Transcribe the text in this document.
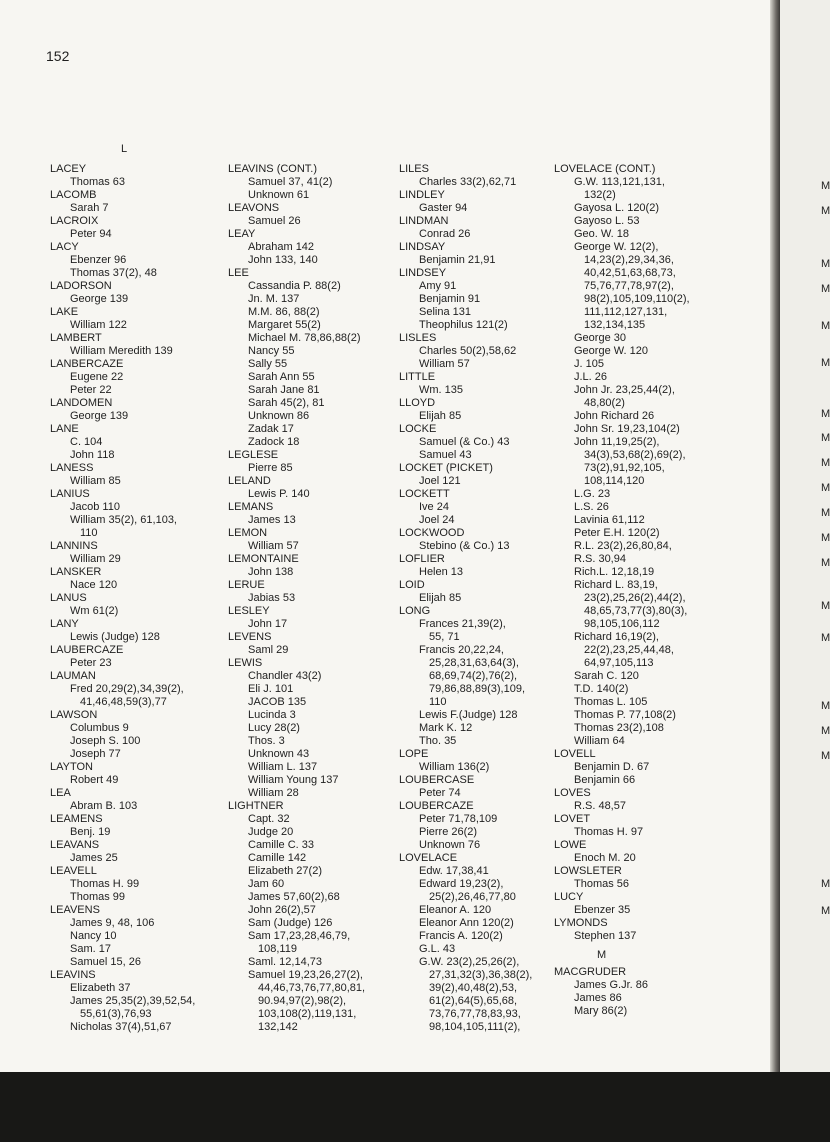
152
L
LACEY
Thomas 63
LACOMB
Sarah 7
LACROIX
Peter 94
LACY
Ebenzer 96
Thomas 37(2), 48
LADORSON
George 139
LAKE
William 122
LAMBERT
William Meredith 139
LANBERCAZE
Eugene 22
Peter 22
LANDOMEN
George 139
LANE
C. 104
John 118
LANESS
William 85
LANIUS
Jacob 110
William 35(2), 61,103,
110
LANNINS
William 29
LANSKER
Nace 120
LANUS
Wm 61(2)
LANY
Lewis (Judge) 128
LAUBERCAZE
Peter 23
LAUMAN
Fred 20,29(2),34,39(2),
41,46,48,59(3),77
LAWSON
Columbus 9
Joseph S. 100
Joseph 77
LAYTON
Robert 49
LEA
Abram B. 103
LEAMENS
Benj. 19
LEAVANS
James 25
LEAVELL
Thomas H. 99
Thomas 99
LEAVENS
James 9, 48, 106
Nancy 10
Sam. 17
Samuel 15, 26
LEAVINS
Elizabeth 37
James 25,35(2),39,52,54,
55,61(3),76,93
Nicholas 37(4),51,67
LEAVINS (CONT.)
Samuel 37, 41(2)
Unknown 61
LEAVONS
Samuel 26
LEAY
Abraham 142
John 133, 140
LEE
Cassandia P. 88(2)
Jn. M. 137
M.M. 86, 88(2)
Margaret 55(2)
Michael M. 78,86,88(2)
Nancy 55
Sally 55
Sarah Ann 55
Sarah Jane 81
Sarah 45(2), 81
Unknown 86
Zadak 17
Zadock 18
LEGLESE
Pierre 85
LELAND
Lewis P. 140
LEMANS
James 13
LEMON
William 57
LEMONTAINE
John 138
LERUE
Jabias 53
LESLEY
John 17
LEVENS
Saml 29
LEWIS
Chandler 43(2)
Eli J. 101
JACOB 135
Lucinda 3
Lucy 28(2)
Thos. 3
Unknown 43
William L. 137
William Young 137
William 28
LIGHTNER
Capt. 32
Judge 20
Camille C. 33
Camille 142
Elizabeth 27(2)
Jam 60
James 57,60(2),68
John 26(2),57
Sam (Judge) 126
Sam 17,23,28,46,79,
108,119
Saml. 12,14,73
Samuel 19,23,26,27(2),
44,46,73,76,77,80,81,
90.94,97(2),98(2),
103,108(2),119,131,
132,142
LILES
Charles 33(2),62,71
LINDLEY
Gaster 94
LINDMAN
Conrad 26
LINDSAY
Benjamin 21,91
LINDSEY
Amy 91
Benjamin 91
Selina 131
Theophilus 121(2)
LISLES
Charles 50(2),58,62
William 57
LITTLE
Wm. 135
LLOYD
Elijah 85
LOCKE
Samuel (& Co.) 43
Samuel 43
LOCKET (PICKET)
Joel 121
LOCKETT
Ive 24
Joel 24
LOCKWOOD
Stebino (& Co.) 13
LOFLIER
Helen 13
LOID
Elijah 85
LONG
Frances 21,39(2),
55, 71
Francis 20,22,24,
25,28,31,63,64(3),
68,69,74(2),76(2),
79,86,88,89(3),109,
110
Lewis F.(Judge) 128
Mark K. 12
Tho. 35
LOPE
William 136(2)
LOUBERCASE
Peter 74
LOUBERCAZE
Peter 71,78,109
Pierre 26(2)
Unknown 76
LOVELACE
Edw. 17,38,41
Edward 19,23(2),
25(2),26,46,77,80
Eleanor A. 120
Eleanor Ann 120(2)
Francis A. 120(2)
G.L. 43
G.W. 23(2),25,26(2),
27,31,32(3),36,38(2),
39(2),40,48(2),53,
61(2),64(5),65,68,
73,76,77,78,83,93,
98,104,105,111(2),
LOVELACE (CONT.)
G.W. 113,121,131,
132(2)
Gayosa L. 120(2)
Gayoso L. 53
Geo. W. 18
George W. 12(2),
14,23(2),29,34,36,
40,42,51,63,68,73,
75,76,77,78,97(2),
98(2),105,109,110(2),
111,112,127,131,
132,134,135
George 30
George W. 120
J. 105
J.L. 26
John Jr. 23,25,44(2),
48,80(2)
John Richard 26
John Sr. 19,23,104(2)
John 11,19,25(2),
34(3),53,68(2),69(2),
73(2),91,92,105,
108,114,120
L.G. 23
L.S. 26
Lavinia 61,112
Peter E.H. 120(2)
R.L. 23(2),26,80,84,
R.S. 30,94
Rich.L. 12,18,19
Richard L. 83,19,
23(2),25,26(2),44(2),
48,65,73,77(3),80(3),
98,105,106,112
Richard 16,19(2),
22(2),23,25,44,48,
64,97,105,113
Sarah C. 120
T.D. 140(2)
Thomas L. 105
Thomas P. 77,108(2)
Thomas 23(2),108
William 64
LOVELL
Benjamin D. 67
Benjamin 66
LOVES
R.S. 48,57
LOVET
Thomas H. 97
LOWE
Enoch M. 20
LOWSLETER
Thomas 56
LUCY
Ebenzer 35
LYMONDS
Stephen 137
M
MACGRUDER
James G.Jr. 86
James 86
Mary 86(2)
M
M
M
M
M
M
M
M
M
M
M
M
M
M
M
M
M
M
M
M
